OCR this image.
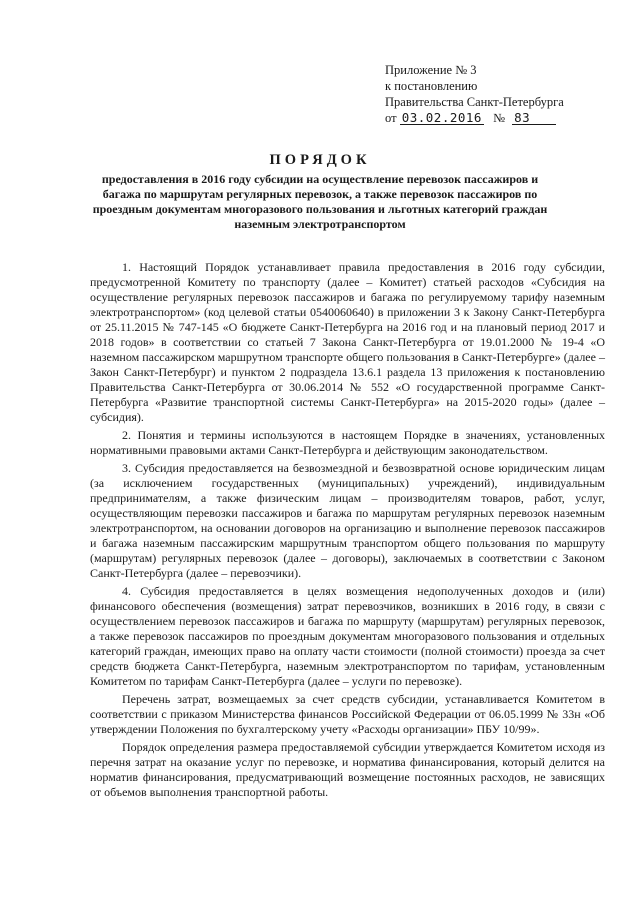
Приложение № 3
к постановлению
Правительства Санкт-Петербурга
от 03.02.2016 № 83
ПОРЯДОК
предоставления в 2016 году субсидии на осуществление перевозок пассажиров и багажа по маршрутам регулярных перевозок, а также перевозок пассажиров по проездным документам многоразового пользования и льготных категорий граждан наземным электротранспортом

1. Настоящий Порядок устанавливает правила предоставления в 2016 году субсидии, предусмотренной Комитету по транспорту (далее – Комитет) статьей расходов «Субсидия на осуществление регулярных перевозок пассажиров и багажа по регулируемому тарифу наземным электротранспортом» (код целевой статьи 0540060640) в приложении 3 к Закону Санкт-Петербурга от 25.11.2015 № 747-145 «О бюджете Санкт-Петербурга на 2016 год и на плановый период 2017 и 2018 годов» в соответствии со статьей 7 Закона Санкт-Петербурга от 19.01.2000 № 19-4 «О наземном пассажирском маршрутном транспорте общего пользования в Санкт-Петербурге» (далее – Закон Санкт-Петербург) и пунктом 2 подраздела 13.6.1 раздела 13 приложения к постановлению Правительства Санкт-Петербурга от 30.06.2014 № 552 «О государственной программе Санкт-Петербурга «Развитие транспортной системы Санкт-Петербурга» на 2015-2020 годы» (далее – субсидия).

2. Понятия и термины используются в настоящем Порядке в значениях, установленных нормативными правовыми актами Санкт-Петербурга и действующим законодательством.

3. Субсидия предоставляется на безвозмездной и безвозвратной основе юридическим лицам (за исключением государственных (муниципальных) учреждений), индивидуальным предпринимателям, а также физическим лицам – производителям товаров, работ, услуг, осуществляющим перевозки пассажиров и багажа по маршрутам регулярных перевозок наземным электротранспортом, на основании договоров на организацию и выполнение перевозок пассажиров и багажа наземным пассажирским маршрутным транспортом общего пользования по маршруту (маршрутам) регулярных перевозок (далее – договоры), заключаемых в соответствии с Законом Санкт-Петербурга (далее – перевозчики).

4. Субсидия предоставляется в целях возмещения недополученных доходов и (или) финансового обеспечения (возмещения) затрат перевозчиков, возникших в 2016 году, в связи с осуществлением перевозок пассажиров и багажа по маршруту (маршрутам) регулярных перевозок, а также перевозок пассажиров по проездным документам многоразового пользования и отдельных категорий граждан, имеющих право на оплату части стоимости (полной стоимости) проезда за счет средств бюджета Санкт-Петербурга, наземным электротранспортом по тарифам, установленным Комитетом по тарифам Санкт-Петербурга (далее – услуги по перевозке).

Перечень затрат, возмещаемых за счет средств субсидии, устанавливается Комитетом в соответствии с приказом Министерства финансов Российской Федерации от 06.05.1999 № 33н «Об утверждении Положения по бухгалтерскому учету «Расходы организации» ПБУ 10/99».

Порядок определения размера предоставляемой субсидии утверждается Комитетом исходя из перечня затрат на оказание услуг по перевозке, и норматива финансирования, который делится на норматив финансирования, предусматривающий возмещение постоянных расходов, не зависящих от объемов выполнения транспортной работы.
